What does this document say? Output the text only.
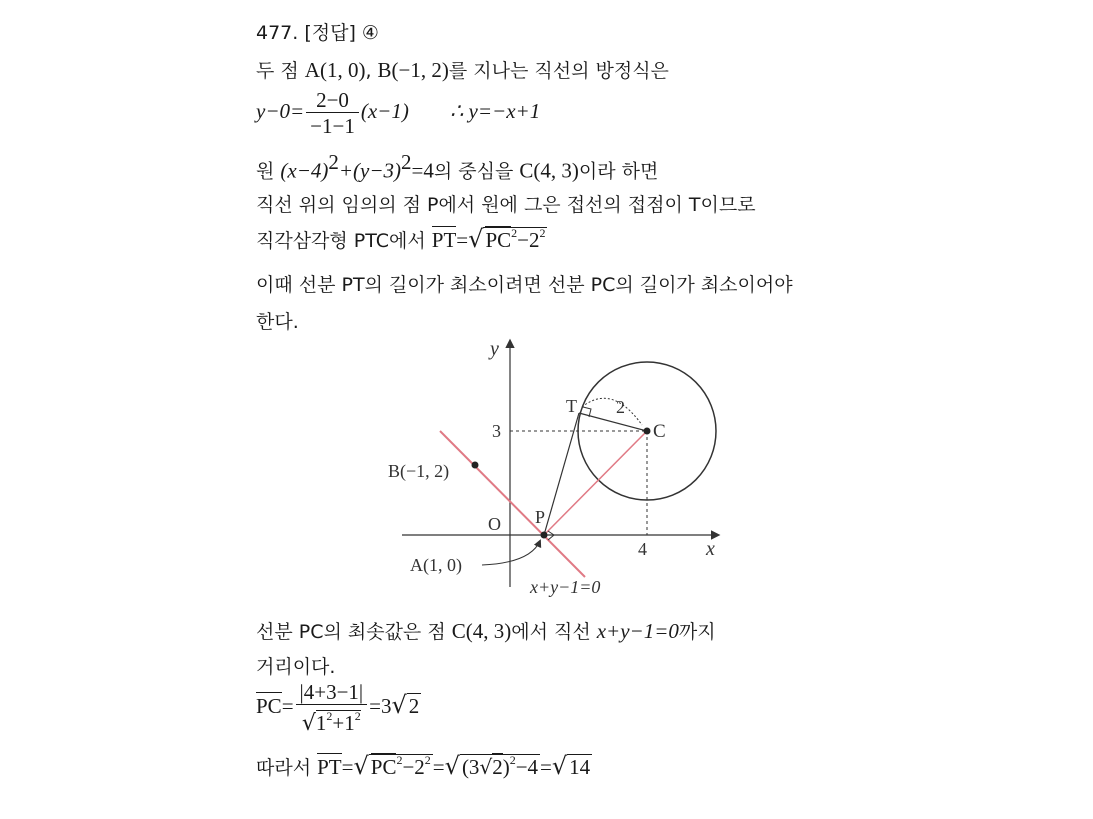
477. [정답] ④
두 점 A(1, 0), B(−1, 2)를 지나는 직선의 방정식은
$y-0= \frac{2-0}{-1-1} (x-1)$ ∴ y=−x+1
원 $(x-4)^2+(y-3)^2=4$의 중심을 C(4, 3)이라 하면
직선 위의 임의의 점 P에서 원에 그은 접선의 접점이 T이므로
직각삼각형 PTC에서 $PT=√PC^2-2^2$
이때 선분 PT의 길이가 최소이려면 선분 PC의 길이가 최소이어야
한다.
y
x
O
3
4
T 2
C
P
B(−1, 2)
A(1, 0)
x+y−1=0
선분 PC의 최솟값은 점 C(4, 3)에서 직선 x+y−1=0까지
거리이다.
$PC= \frac{|4+3-1|}{√1^2+1^2} =3√2$
따라서 $PT=√PC^2-2^2=√(3√2)^2-4=√14$
